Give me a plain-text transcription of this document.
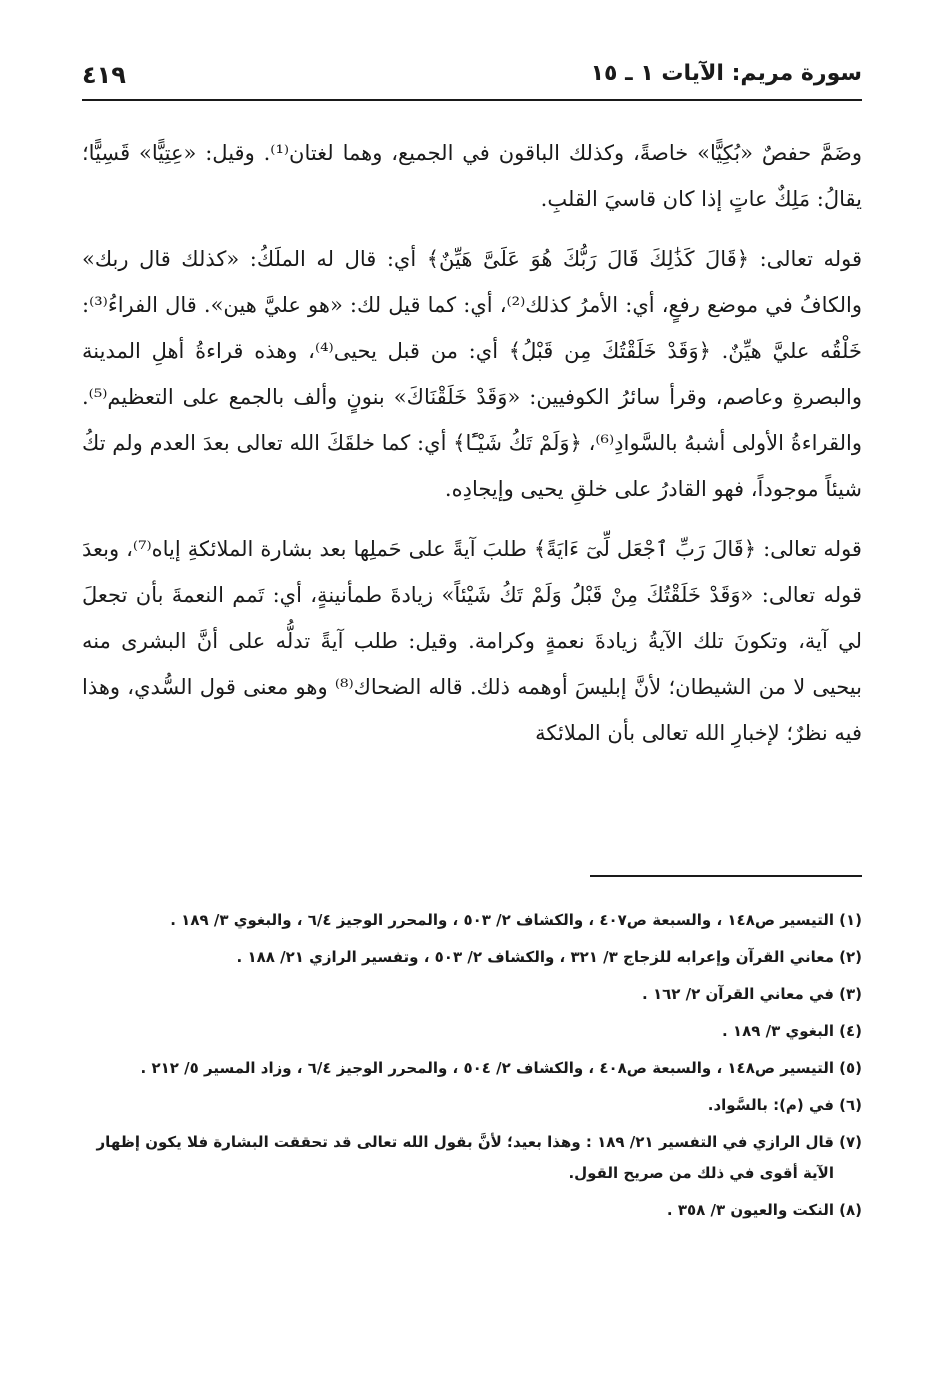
سورة مريم: الآيات ١ ـ ١٥
٤١٩

وضَمَّ حفصٌ «بُكِيًّا» خاصةً، وكذلك الباقون في الجميع، وهما لغتان⁽¹⁾. وقيل: «عِتِيًّا» قَسِيًّا؛ يقالُ: مَلِكٌ عاتٍ إذا كان قاسيَ القلبِ.

قوله تعالى: ﴿قَالَ كَذَٰلِكَ قَالَ رَبُّكَ هُوَ عَلَىَّ هَيِّنٌ﴾ أي: قال له الملَكُ: «كذلك قال ربك» والكافُ في موضع رفعٍ، أي: الأمرُ كذلك⁽²⁾، أي: كما قيل لك: «هو عليَّ هين». قال الفراءُ⁽³⁾: خَلْقُه عليَّ هيِّنٌ. ﴿وَقَدْ خَلَقْتُكَ مِن قَبْلُ﴾ أي: من قبل يحيى⁽⁴⁾، وهذه قراءةُ أهلِ المدينة والبصرةِ وعاصم، وقرأ سائرُ الكوفيين: «وَقَدْ خَلَقْنَاكَ» بنونٍ وألف بالجمع على التعظيم⁽⁵⁾. والقراءةُ الأولى أشبهُ بالسَّوادِ⁽⁶⁾، ﴿وَلَمْ تَكُ شَيْـًٔا﴾ أي: كما خلقَكَ الله تعالى بعدَ العدم ولم تكُ شيئاً موجوداً، فهو القادرُ على خلقِ يحيى وإيجادِه.

قوله تعالى: ﴿قَالَ رَبِّ ٱجْعَل لِّىٓ ءَايَةً﴾ طلبَ آيةً على حَملِها بعد بشارة الملائكةِ إياه⁽⁷⁾، وبعدَ قوله تعالى: «وَقَدْ خَلَقْتُكَ مِنْ قَبْلُ وَلَمْ تَكُ شَيْئاً» زيادةَ طمأنينةٍ، أي: تَمم النعمةَ بأن تجعلَ لي آية، وتكونَ تلك الآيةُ زيادةَ نعمةٍ وكرامة. وقيل: طلب آيةً تدلُّه على أنَّ البشرى منه بيحيى لا من الشيطان؛ لأنَّ إبليسَ أوهمه ذلك. قاله الضحاك⁽⁸⁾ وهو معنى قول السُّدي، وهذا فيه نظرٌ؛ لإخبارِ الله تعالى بأن الملائكة

(١)
التيسير ص١٤٨ ، والسبعة ص٤٠٧ ، والكشاف ٢/ ٥٠٣ ، والمحرر الوجيز ٦/٤ ، والبغوي ٣/ ١٨٩ .
(٢)
معاني القرآن وإعرابه للزجاج ٣/ ٣٢١ ، والكشاف ٢/ ٥٠٣ ، وتفسير الرازي ٢١/ ١٨٨ .
(٣)
في معاني القرآن ٢/ ١٦٢ .
(٤)
البغوي ٣/ ١٨٩ .
(٥)
التيسير ص١٤٨ ، والسبعة ص٤٠٨ ، والكشاف ٢/ ٥٠٤ ، والمحرر الوجيز ٦/٤ ، وزاد المسير ٥/ ٢١٢ .
(٦)
في (م): بالسَّواد.
(٧)
قال الرازي في التفسير ٢١/ ١٨٩ : وهذا بعيد؛ لأنَّ بقول الله تعالى قد تحققت البشارة فلا يكون إظهار الآية أقوى في ذلك من صريح القول.
(٨)
النكت والعيون ٣/ ٣٥٨ .
